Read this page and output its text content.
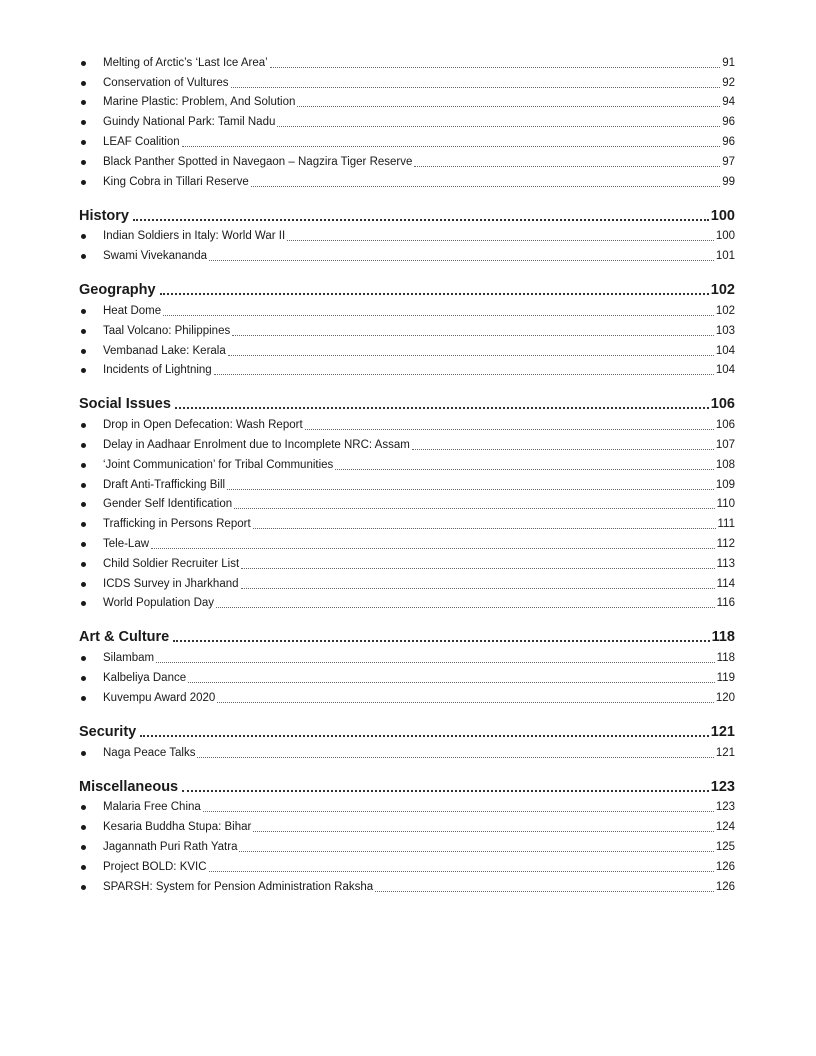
Melting of Arctic’s ‘Last Ice Area’	91
Conservation of Vultures	92
Marine Plastic: Problem, And Solution	94
Guindy National Park: Tamil Nadu	96
LEAF Coalition	96
Black Panther Spotted in Navegaon – Nagzira Tiger Reserve	97
King Cobra in Tillari Reserve	99
History	100
Indian Soldiers in Italy: World War II	100
Swami Vivekananda	101
Geography	102
Heat Dome	102
Taal Volcano: Philippines	103
Vembanad Lake: Kerala	104
Incidents of Lightning	104
Social Issues	106
Drop in Open Defecation: Wash Report	106
Delay in Aadhaar Enrolment due to Incomplete NRC: Assam	107
‘Joint Communication’ for Tribal Communities	108
Draft Anti-Trafficking Bill	109
Gender Self Identification	110
Trafficking in Persons Report	111
Tele-Law	112
Child Soldier Recruiter List	113
ICDS Survey in Jharkhand	114
World Population Day	116
Art & Culture	118
Silambam	118
Kalbeliya Dance	119
Kuvempu Award 2020	120
Security	121
Naga Peace Talks	121
Miscellaneous	123
Malaria Free China	123
Kesaria Buddha Stupa: Bihar	124
Jagannath Puri Rath Yatra	125
Project BOLD: KVIC	126
SPARSH: System for Pension Administration Raksha	126
